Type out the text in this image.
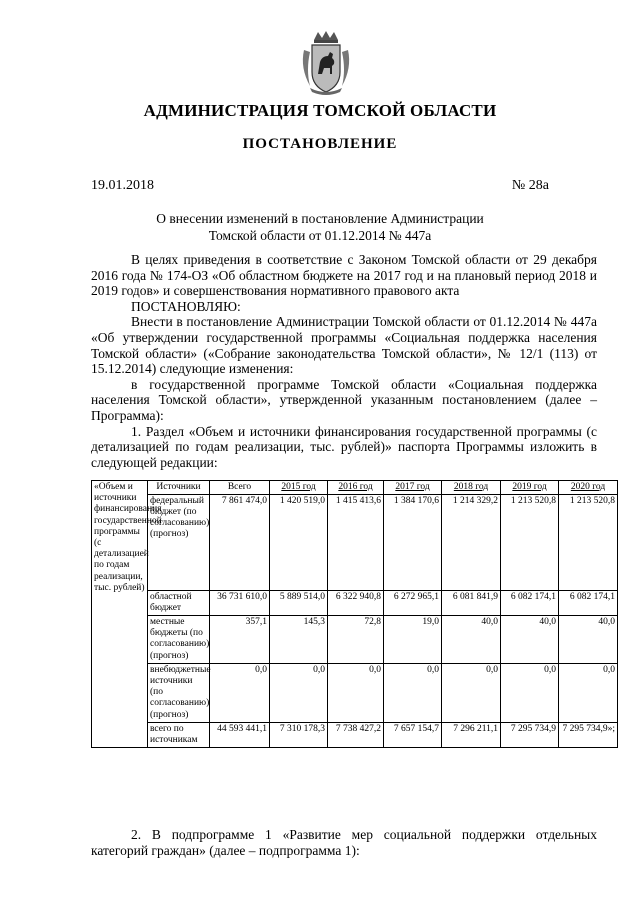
АДМИНИСТРАЦИЯ ТОМСКОЙ ОБЛАСТИ
ПОСТАНОВЛЕНИЕ
19.01.2018	№ 28а
О внесении изменений в постановление Администрации
Томской области от 01.12.2014 № 447а

В целях приведения в соответствие с Законом Томской области от 29 декабря 2016 года № 174-ОЗ «Об областном бюджете на 2017 год и на плановый период 2018 и 2019 годов» и совершенствования нормативного правового акта

ПОСТАНОВЛЯЮ:

Внести в постановление Администрации Томской области от 01.12.2014 № 447а «Об утверждении государственной программы «Социальная поддержка населения Томской области» («Собрание законодательства Томской области», № 12/1 (113) от 15.12.2014) следующие изменения:

в государственной программе Томской области «Социальная поддержка населения Томской области», утвержденной указанным постановлением (далее – Программа):

1. Раздел «Объем и источники финансирования государственной программы (с детализацией по годам реализации, тыс. рублей)» паспорта Программы изложить в следующей редакции:

«Объем и источники финансирования государственной программы (с детализацией по годам реализации, тыс. рублей)	Источники	Всего	2015 год	2016 год	2017 год	2018 год	2019 год	2020 год
	федеральный бюджет (по согласованию) (прогноз)	7 861 474,0	1 420 519,0	1 415 413,6	1 384 170,6	1 214 329,2	1 213 520,8	1 213 520,8
	областной бюджет	36 731 610,0	5 889 514,0	6 322 940,8	6 272 965,1	6 081 841,9	6 082 174,1	6 082 174,1
	местные бюджеты (по согласованию) (прогноз)	357,1	145,3	72,8	19,0	40,0	40,0	40,0
	внебюджетные источники (по согласованию) (прогноз)	0,0	0,0	0,0	0,0	0,0	0,0	0,0
	всего по источникам	44 593 441,1	7 310 178,3	7 738 427,2	7 657 154,7	7 296 211,1	7 295 734,9	7 295 734,9»;

2. В подпрограмме 1 «Развитие мер социальной поддержки отдельных категорий граждан» (далее – подпрограмма 1):
